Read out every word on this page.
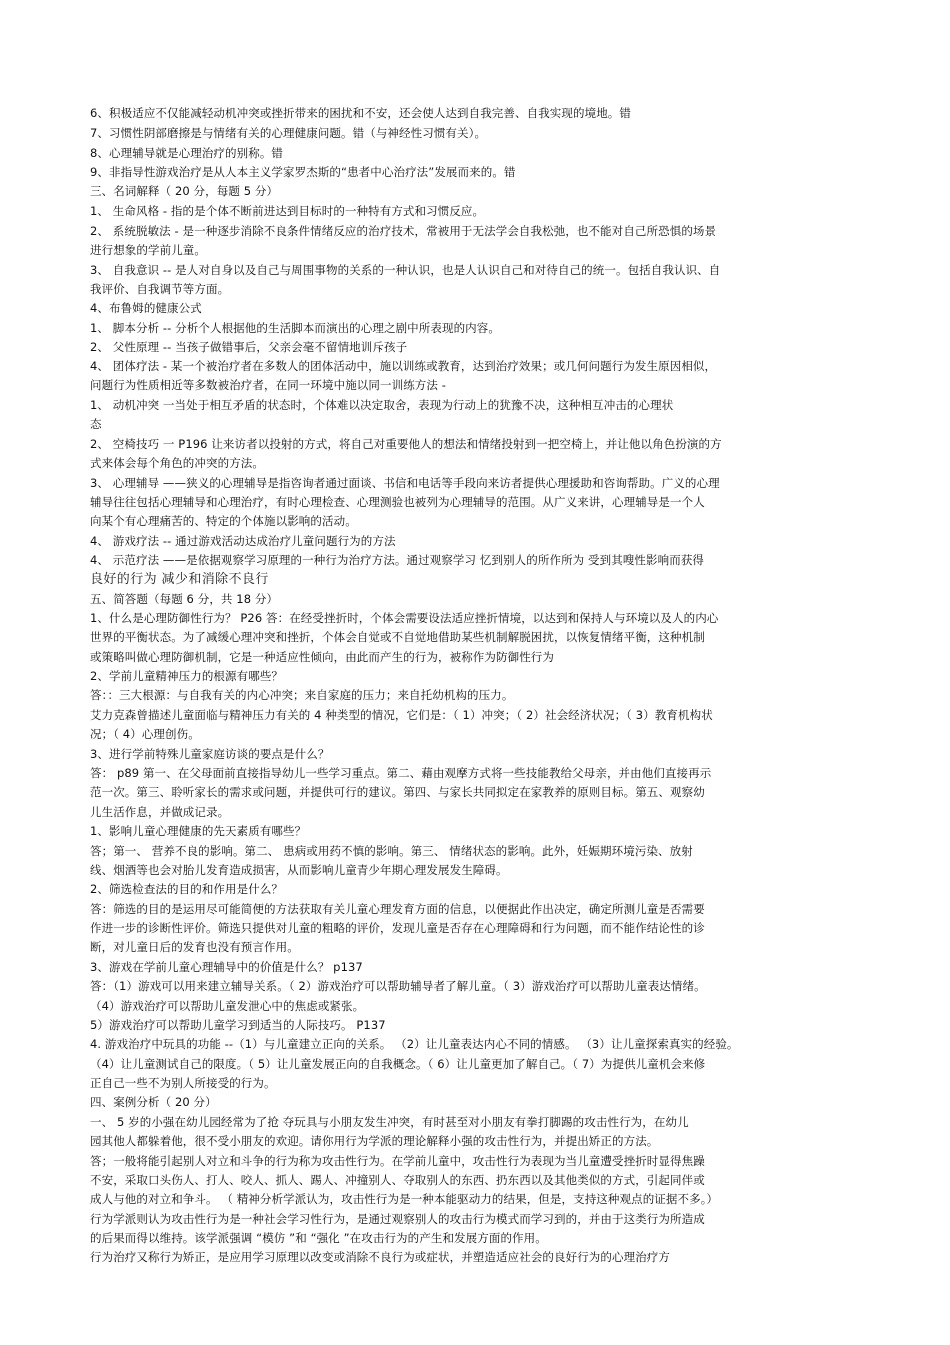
6、积极适应不仅能减轻动机冲突或挫折带来的困扰和不安，还会使人达到自我完善、自我实现的境地。错
7、习惯性阴部磨擦是与情绪有关的心理健康问题。错（与神经性习惯有关）。
8、心理辅导就是心理治疗的别称。错
9、非指导性游戏治疗是从人本主义学家罗杰斯的“患者中心治疗法”发展而来的。错
三、名词解释（ 20 分，每题 5 分）
1、 生命风格 - 指的是个体不断前进达到目标时的一种特有方式和习惯反应。
2、 系统脱敏法 - 是一种逐步消除不良条件情绪反应的治疗技术，常被用于无法学会自我松弛，也不能对自己所恐惧的场景
进行想象的学前儿童。
3、 自我意识 -- 是人对自身以及自己与周围事物的关系的一种认识，也是人认识自己和对待自己的统一。包括自我认识、自
我评价、自我调节等方面。
4、布鲁姆的健康公式
1、 脚本分析 -- 分析个人根据他的生活脚本而演出的心理之剧中所表现的内容。
2、 父性原理 -- 当孩子做错事后，父亲会毫不留情地训斥孩子
4、 团体疗法 - 某一个被治疗者在多数人的团体活动中，施以训练或教育，达到治疗效果；或几何问题行为发生原因相似，
问题行为性质相近等多数被治疗者，在同一环境中施以同一训练方法 -
1、 动机冲突 一当处于相互矛盾的状态时，个体难以决定取舍，表现为行动上的犹豫不决，这种相互冲击的心理状
态
2、 空椅技巧 一 P196 让来访者以投射的方式，将自己对重要他人的想法和情绪投射到一把空椅上，并让他以角色扮演的方
式来体会每个角色的冲突的方法。
3、 心理辅导 ——狭义的心理辅导是指咨询者通过面谈、书信和电话等手段向来访者提供心理援助和咨询帮助。广义的心理
辅导往往包括心理辅导和心理治疗，有时心理检查、心理测验也被列为心理辅导的范围。从广义来讲，心理辅导是一个人
向某个有心理痛苦的、特定的个体施以影响的活动。
4、 游戏疗法 -- 通过游戏活动达成治疗儿童问题行为的方法
4、 示范疗法 ——是依据观察学习原理的一种行为治疗方法。通过观察学习 忆到别人的所作所为 受到其嗖性影响而获得
良好的行为 减少和消除不良行
五、简答题（每题 6 分，共 18 分）
1、什么是心理防御性行为？ P26 答：在经受挫折时，个体会需要设法适应挫折情境，以达到和保持人与环境以及人的内心
世界的平衡状态。为了减缓心理冲突和挫折，个体会自觉或不自觉地借助某些机制解脱困扰，以恢复情绪平衡，这种机制
或策略叫做心理防御机制，它是一种适应性倾向，由此而产生的行为，被称作为防御性行为
2、学前儿童精神压力的根源有哪些？
答：：三大根源：与自我有关的内心冲突；来自家庭的压力；来自托幼机构的压力。
艾力克森曾描述儿童面临与精神压力有关的 4 种类型的情况，它们是：（ 1）冲突；（ 2）社会经济状况；（ 3）教育机构状
况；（ 4）心理创伤。
3、进行学前特殊儿童家庭访谈的要点是什么？
答： p89 第一、在父母面前直接指导幼儿一些学习重点。第二、藉由观摩方式将一些技能教给父母亲，并由他们直接再示
范一次。第三、聆听家长的需求或问题，并提供可行的建议。第四、与家长共同拟定在家教养的原则目标。第五、观察幼
儿生活作息，并做成记录。
1、影响儿童心理健康的先天素质有哪些？
答；第一、 营养不良的影响。第二、 患病或用药不慎的影响。第三、 情绪状态的影响。此外，妊娠期环境污染、放射
线、烟酒等也会对胎儿发育造成损害，从而影响儿童青少年期心理发展发生障碍。
2、筛选检查法的目的和作用是什么？
答：筛选的目的是运用尽可能简便的方法获取有关儿童心理发育方面的信息，以便据此作出决定，确定所测儿童是否需要
作进一步的诊断性评价。筛选只提供对儿童的粗略的评价，发现儿童是否存在心理障碍和行为问题，而不能作结论性的诊
断，对儿童日后的发育也没有预言作用。
3、游戏在学前儿童心理辅导中的价值是什么？ p137
答：（1）游戏可以用来建立辅导关系。（ 2）游戏治疗可以帮助辅导者了解儿童。（ 3）游戏治疗可以帮助儿童表达情绪。
（4）游戏治疗可以帮助儿童发泄心中的焦虑或紧张。
5）游戏治疗可以帮助儿童学习到适当的人际技巧。 P137
4. 游戏治疗中玩具的功能 --（1）与儿童建立正向的关系。 （2）让儿童表达内心不同的情感。 （3）让儿童探索真实的经验。
（4）让儿童测试自己的限度。（ 5）让儿童发展正向的自我概念。（ 6）让儿童更加了解自己。（ 7）为提供儿童机会来修
正自己一些不为别人所接受的行为。
四、案例分析（ 20 分）
一、 5 岁的小强在幼儿园经常为了抢 夺玩具与小朋友发生冲突，有时甚至对小朋友有拳打脚踢的攻击性行为，在幼儿
园其他人都躲着他，很不受小朋友的欢迎。请你用行为学派的理论解释小强的攻击性行为，并提出矫正的方法。
答；一般将能引起别人对立和斗争的行为称为攻击性行为。在学前儿童中，攻击性行为表现为当儿童遭受挫折时显得焦躁
不安，采取口头伤人、打人、咬人、抓人、踢人、冲撞别人、夺取别人的东西、扔东西以及其他类似的方式，引起同伴或
成人与他的对立和争斗。 （ 精神分析学派认为，攻击性行为是一种本能驱动力的结果，但是，支持这种观点的证据不多。）
行为学派则认为攻击性行为是一种社会学习性行为，是通过观察别人的攻击行为模式而学习到的，并由于这类行为所造成
的后果而得以维持。该学派强调 “模仿 ”和 “强化 ”在攻击行为的产生和发展方面的作用。
行为治疗又称行为矫正，是应用学习原理以改变或消除不良行为或症状，并塑造适应社会的良好行为的心理治疗方
